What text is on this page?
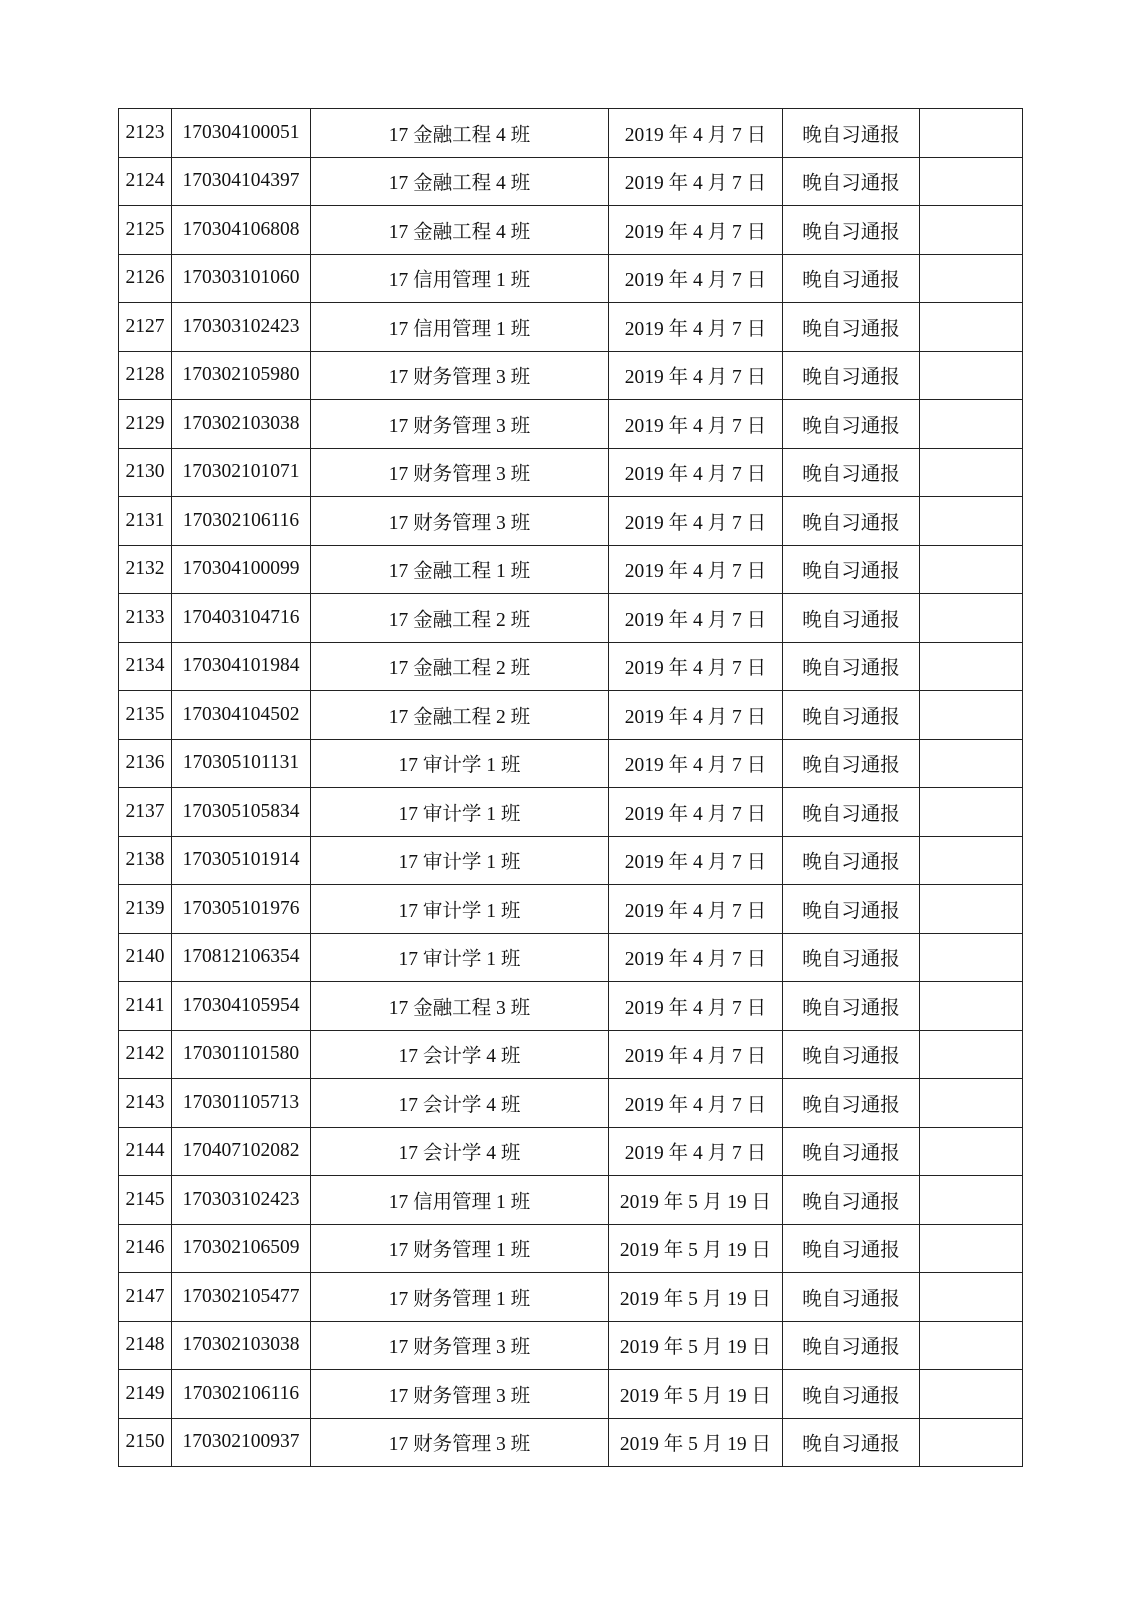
2123	170304100051	17 金融工程 4 班	2019 年 4 月 7 日	晚自习通报	
2124	170304104397	17 金融工程 4 班	2019 年 4 月 7 日	晚自习通报	
2125	170304106808	17 金融工程 4 班	2019 年 4 月 7 日	晚自习通报	
2126	170303101060	17 信用管理 1 班	2019 年 4 月 7 日	晚自习通报	
2127	170303102423	17 信用管理 1 班	2019 年 4 月 7 日	晚自习通报	
2128	170302105980	17 财务管理 3 班	2019 年 4 月 7 日	晚自习通报	
2129	170302103038	17 财务管理 3 班	2019 年 4 月 7 日	晚自习通报	
2130	170302101071	17 财务管理 3 班	2019 年 4 月 7 日	晚自习通报	
2131	170302106116	17 财务管理 3 班	2019 年 4 月 7 日	晚自习通报	
2132	170304100099	17 金融工程 1 班	2019 年 4 月 7 日	晚自习通报	
2133	170403104716	17 金融工程 2 班	2019 年 4 月 7 日	晚自习通报	
2134	170304101984	17 金融工程 2 班	2019 年 4 月 7 日	晚自习通报	
2135	170304104502	17 金融工程 2 班	2019 年 4 月 7 日	晚自习通报	
2136	170305101131	17 审计学 1 班	2019 年 4 月 7 日	晚自习通报	
2137	170305105834	17 审计学 1 班	2019 年 4 月 7 日	晚自习通报	
2138	170305101914	17 审计学 1 班	2019 年 4 月 7 日	晚自习通报	
2139	170305101976	17 审计学 1 班	2019 年 4 月 7 日	晚自习通报	
2140	170812106354	17 审计学 1 班	2019 年 4 月 7 日	晚自习通报	
2141	170304105954	17 金融工程 3 班	2019 年 4 月 7 日	晚自习通报	
2142	170301101580	17 会计学 4 班	2019 年 4 月 7 日	晚自习通报	
2143	170301105713	17 会计学 4 班	2019 年 4 月 7 日	晚自习通报	
2144	170407102082	17 会计学 4 班	2019 年 4 月 7 日	晚自习通报	
2145	170303102423	17 信用管理 1 班	2019 年 5 月 19 日	晚自习通报	
2146	170302106509	17 财务管理 1 班	2019 年 5 月 19 日	晚自习通报	
2147	170302105477	17 财务管理 1 班	2019 年 5 月 19 日	晚自习通报	
2148	170302103038	17 财务管理 3 班	2019 年 5 月 19 日	晚自习通报	
2149	170302106116	17 财务管理 3 班	2019 年 5 月 19 日	晚自习通报	
2150	170302100937	17 财务管理 3 班	2019 年 5 月 19 日	晚自习通报	
